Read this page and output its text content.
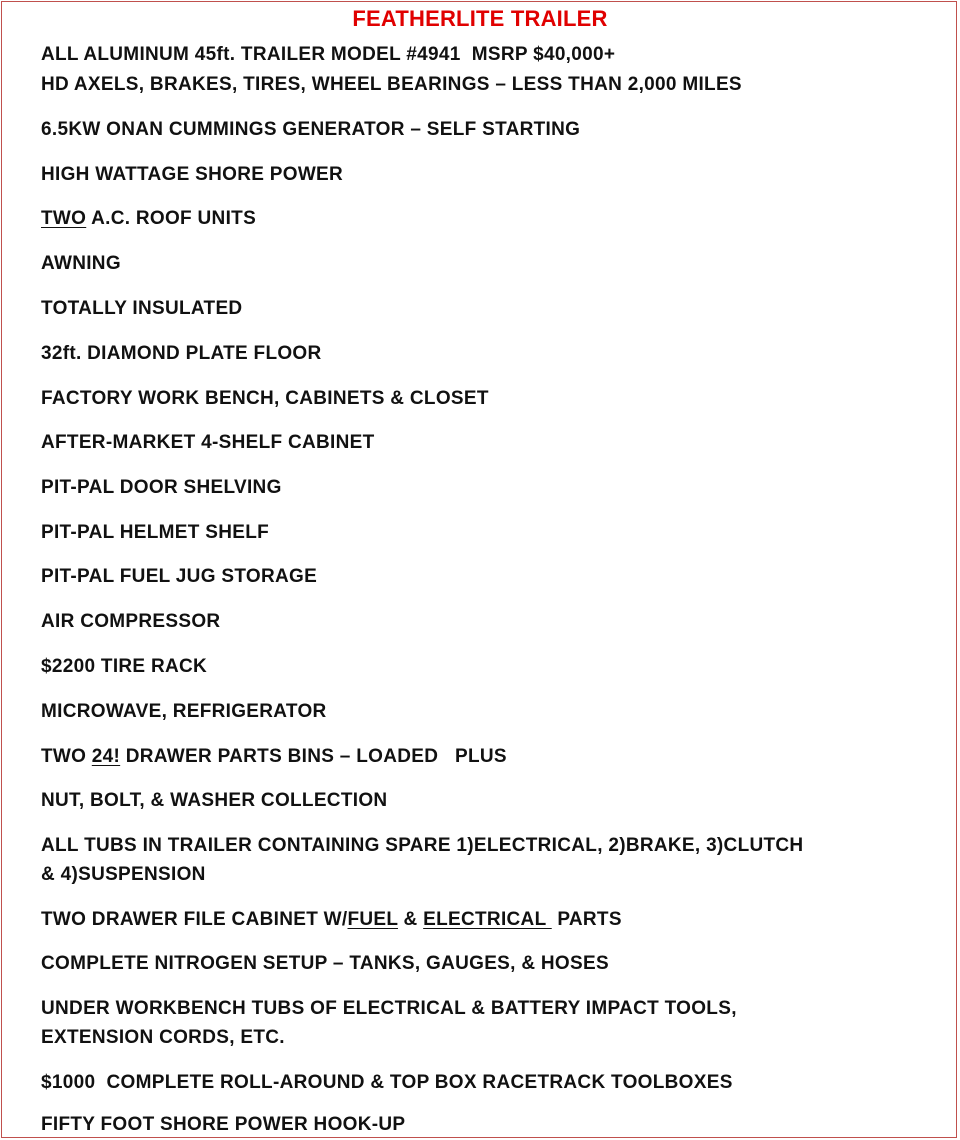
FEATHERLITE TRAILER
ALL ALUMINUM 45ft. TRAILER MODEL #4941  MSRP $40,000+
HD AXELS, BRAKES, TIRES, WHEEL BEARINGS – LESS THAN 2,000 MILES
6.5KW ONAN CUMMINGS GENERATOR – SELF STARTING
HIGH WATTAGE SHORE POWER
TWO A.C. ROOF UNITS
AWNING
TOTALLY INSULATED
32ft. DIAMOND PLATE FLOOR
FACTORY WORK BENCH, CABINETS & CLOSET
AFTER-MARKET 4-SHELF CABINET
PIT-PAL DOOR SHELVING
PIT-PAL HELMET SHELF
PIT-PAL FUEL JUG STORAGE
AIR COMPRESSOR
$2200 TIRE RACK
MICROWAVE, REFRIGERATOR
TWO 24! DRAWER PARTS BINS – LOADED   PLUS
NUT, BOLT, & WASHER COLLECTION
ALL TUBS IN TRAILER CONTAINING SPARE 1)ELECTRICAL, 2)BRAKE, 3)CLUTCH
& 4)SUSPENSION
TWO DRAWER FILE CABINET W/FUEL & ELECTRICAL  PARTS
COMPLETE NITROGEN SETUP – TANKS, GAUGES, & HOSES
UNDER WORKBENCH TUBS OF ELECTRICAL & BATTERY IMPACT TOOLS,
EXTENSION CORDS, ETC.
$1000  COMPLETE ROLL-AROUND & TOP BOX RACETRACK TOOLBOXES
FIFTY FOOT SHORE POWER HOOK-UP
